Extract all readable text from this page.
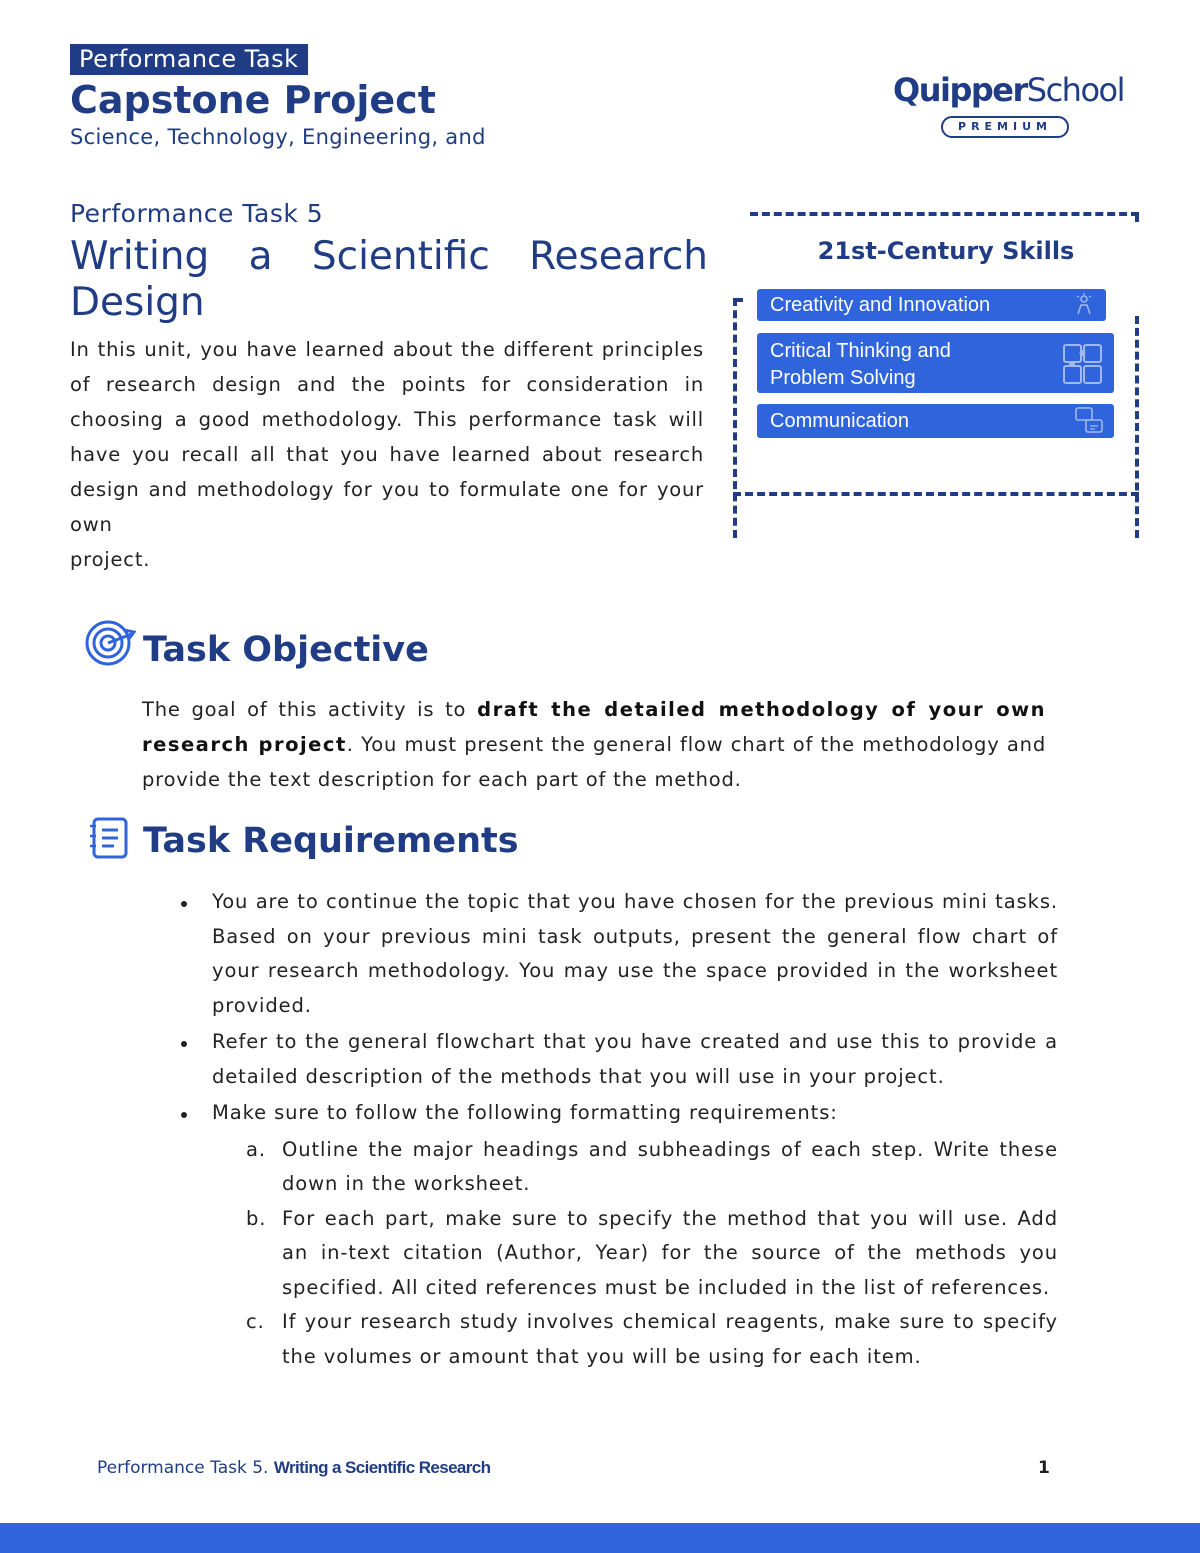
Performance Task
Capstone Project
Science, Technology, Engineering, and
QuipperSchool
PREMIUM
Performance Task 5
Writing a Scientific Research
Design
In this unit, you have learned about the different principles of research design and the points for consideration in choosing a good methodology. This performance task will have you recall all that you have learned about research design and methodology for you to formulate one for your own
project.
21st-Century Skills
Creativity and Innovation
Critical Thinking and
Problem Solving
Communication
Task Objective
The goal of this activity is to draft the detailed methodology of your own research project. You must present the general flow chart of the methodology and provide the text description for each part of the method.
Task Requirements
You are to continue the topic that you have chosen for the previous mini tasks. Based on your previous mini task outputs, present the general flow chart of your research methodology. You may use the space provided in the worksheet provided.
Refer to the general flowchart that you have created and use this to provide a detailed description of the methods that you will use in your project.
Make sure to follow the following formatting requirements:
a. Outline the major headings and subheadings of each step. Write these down in the worksheet.
b. For each part, make sure to specify the method that you will use. Add an in-text citation (Author, Year) for the source of the methods you specified. All cited references must be included in the list of references.
c. If your research study involves chemical reagents, make sure to specify the volumes or amount that you will be using for each item.
Performance Task 5. Writing a Scientific Research	1
